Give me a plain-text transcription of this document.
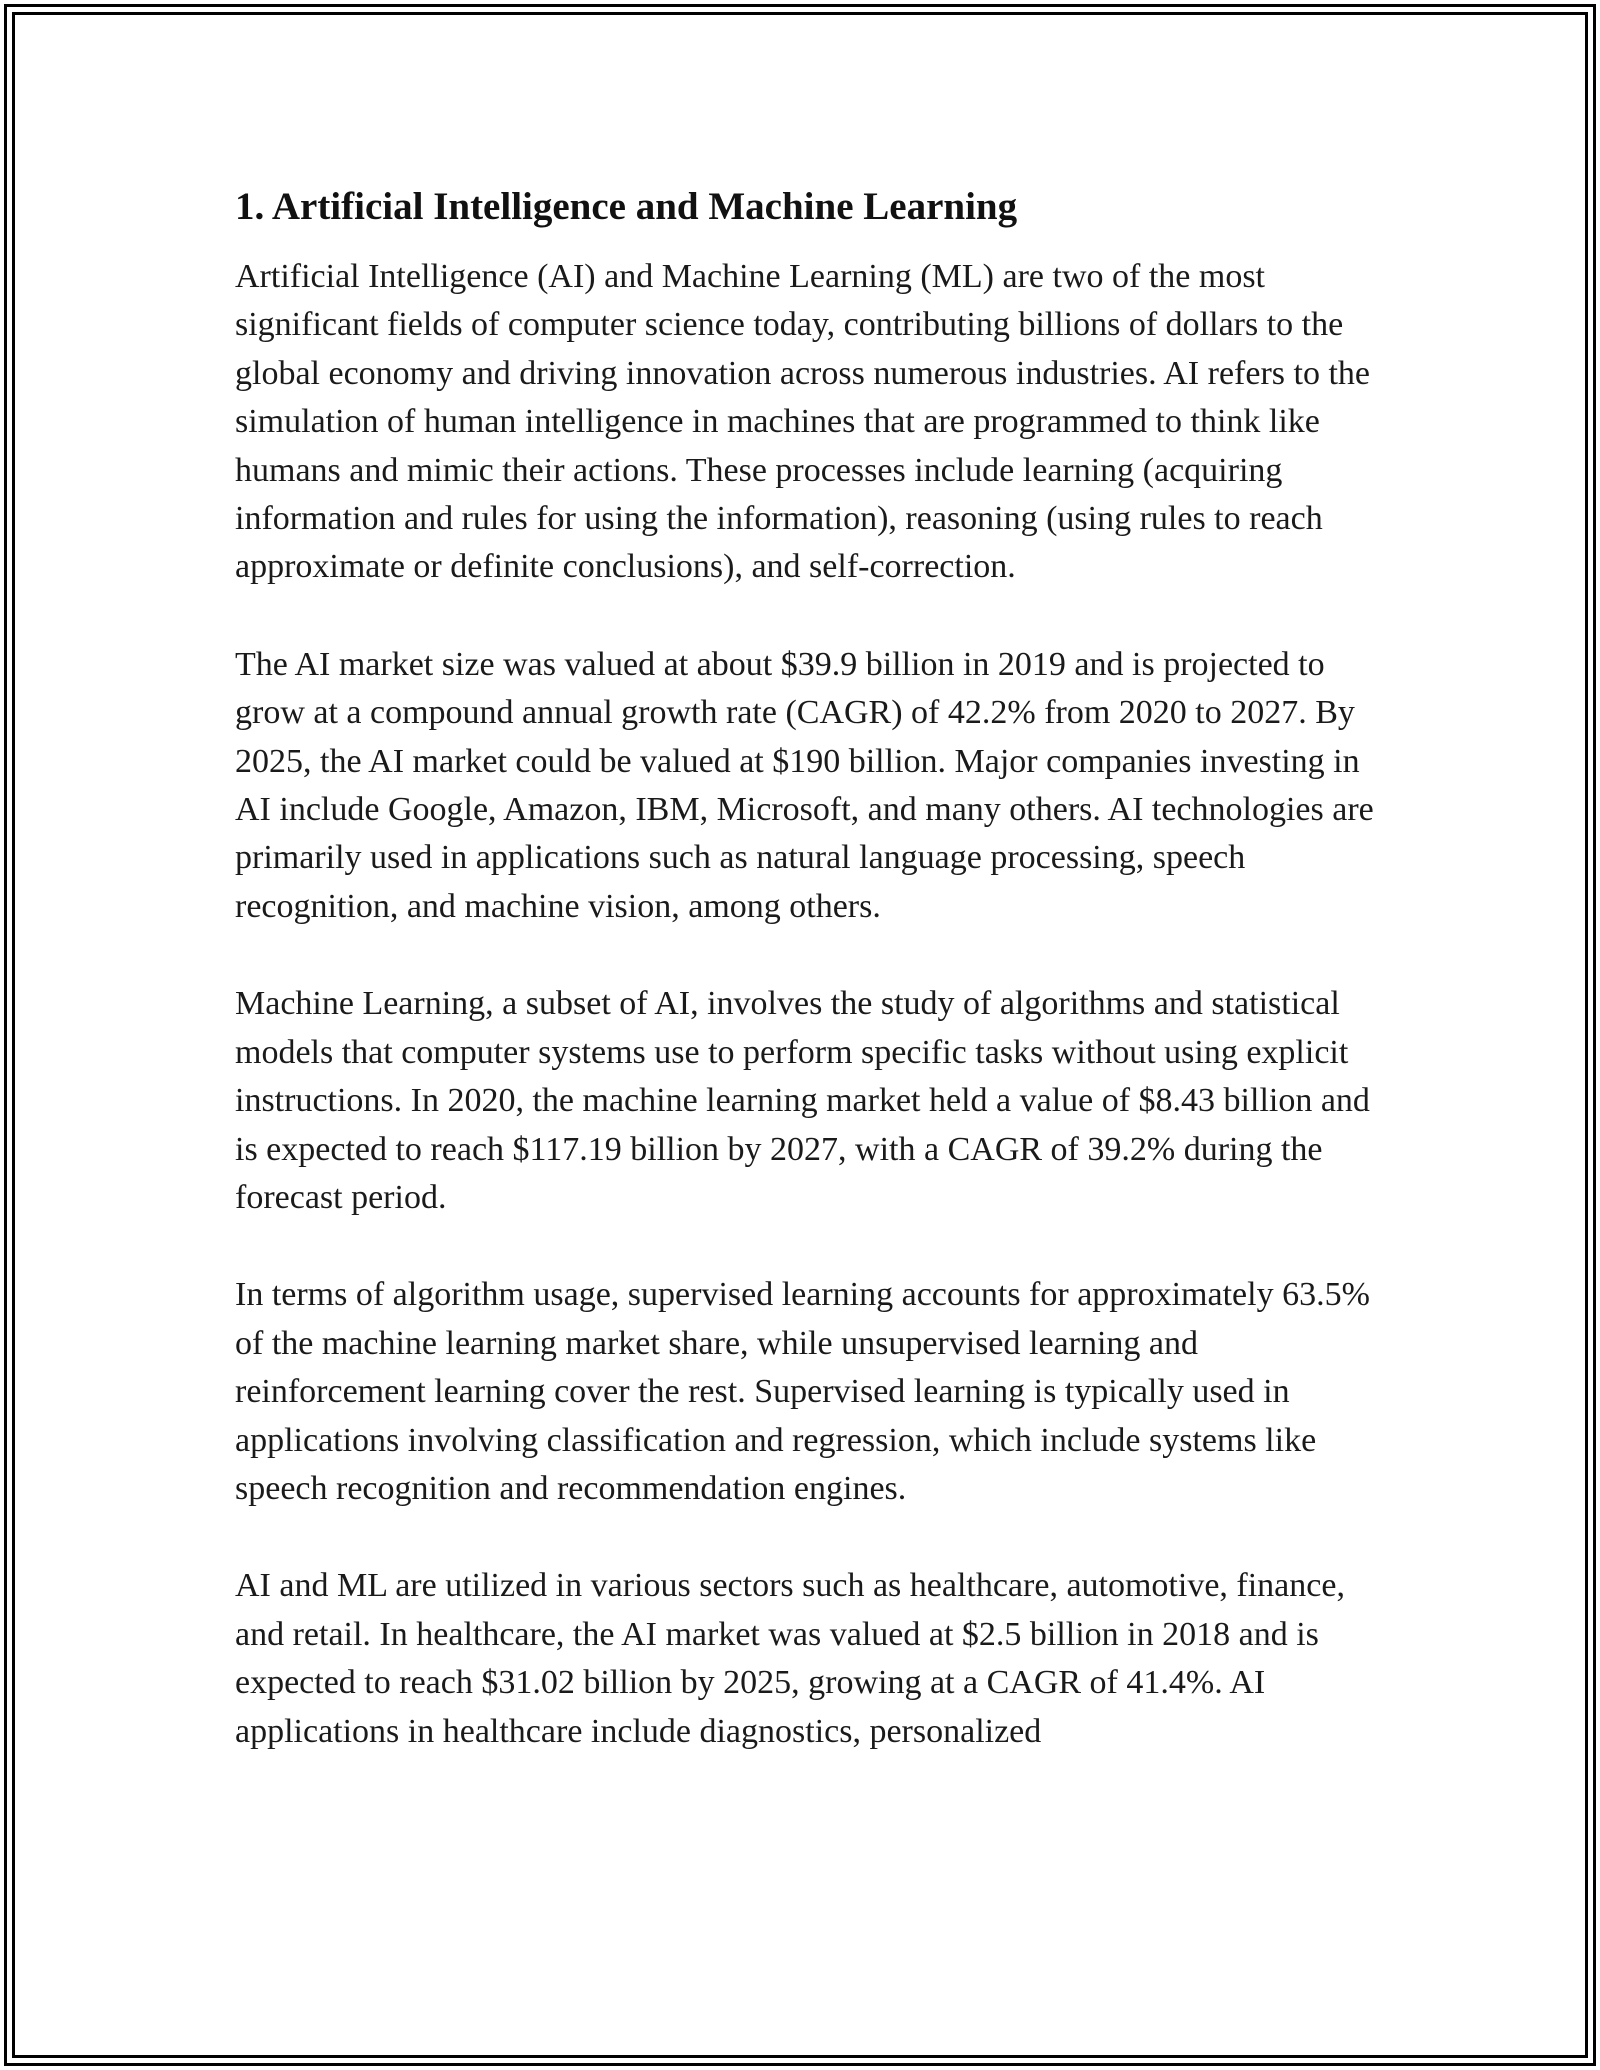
1. Artificial Intelligence and Machine Learning

Artificial Intelligence (AI) and Machine Learning (ML) are two of the most significant fields of computer science today, contributing billions of dollars to the global economy and driving innovation across numerous industries. AI refers to the simulation of human intelligence in machines that are programmed to think like humans and mimic their actions. These processes include learning (acquiring information and rules for using the information), reasoning (using rules to reach approximate or definite conclusions), and self-correction.

The AI market size was valued at about $39.9 billion in 2019 and is projected to grow at a compound annual growth rate (CAGR) of 42.2% from 2020 to 2027. By 2025, the AI market could be valued at $190 billion. Major companies investing in AI include Google, Amazon, IBM, Microsoft, and many others. AI technologies are primarily used in applications such as natural language processing, speech recognition, and machine vision, among others.

Machine Learning, a subset of AI, involves the study of algorithms and statistical models that computer systems use to perform specific tasks without using explicit instructions. In 2020, the machine learning market held a value of $8.43 billion and is expected to reach $117.19 billion by 2027, with a CAGR of 39.2% during the forecast period.

In terms of algorithm usage, supervised learning accounts for approximately 63.5% of the machine learning market share, while unsupervised learning and reinforcement learning cover the rest. Supervised learning is typically used in applications involving classification and regression, which include systems like speech recognition and recommendation engines.

AI and ML are utilized in various sectors such as healthcare, automotive, finance, and retail. In healthcare, the AI market was valued at $2.5 billion in 2018 and is expected to reach $31.02 billion by 2025, growing at a CAGR of 41.4%. AI applications in healthcare include diagnostics, personalized
